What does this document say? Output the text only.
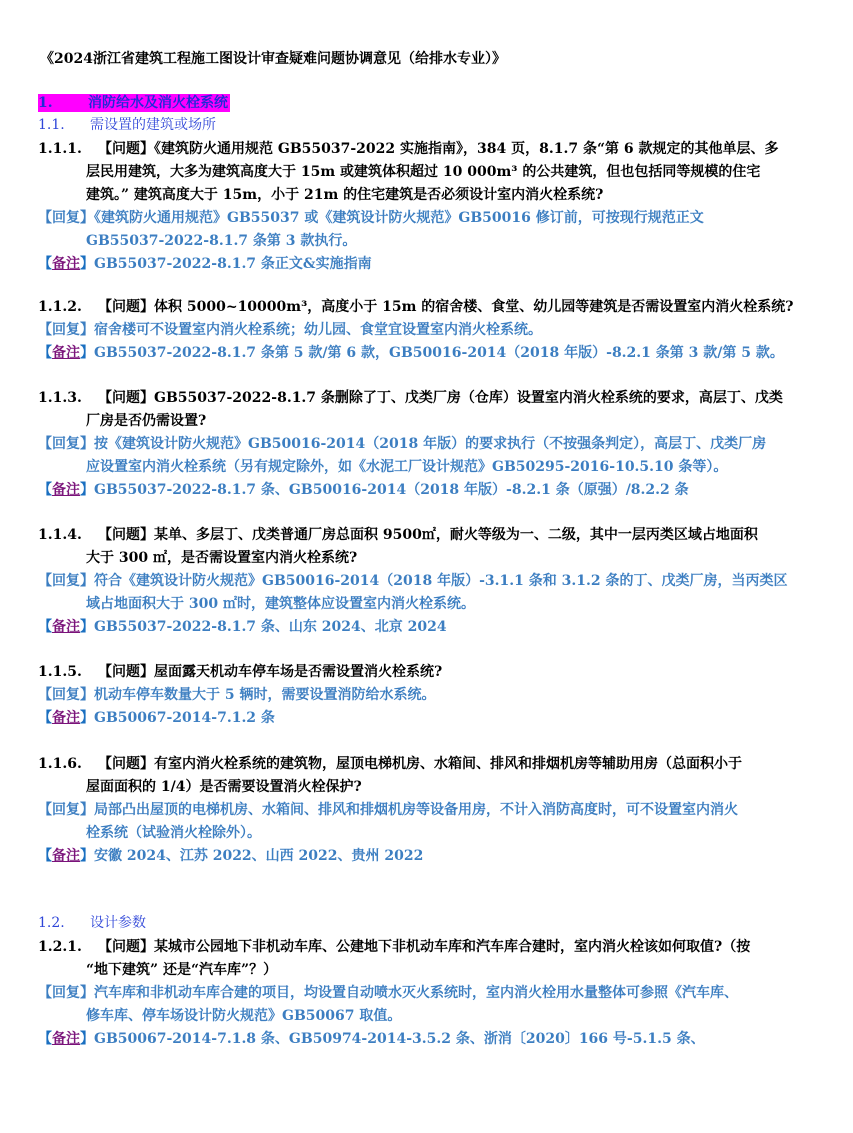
《2024浙江省建筑工程施工图设计审查疑难问题协调意见（给排水专业）》
1.	消防给水及消火栓系统
1.1. 需设置的建筑或场所
1.1.1. 【问题】《建筑防火通用规范 GB55037-2022 实施指南》，384 页，8.1.7 条“第 6 款规定的其他单层、多
层民用建筑，大多为建筑高度大于 15m 或建筑体积超过 10 000m³ 的公共建筑，但也包括同等规模的住宅
建筑。” 建筑高度大于 15m，小于 21m 的住宅建筑是否必须设计室内消火栓系统?
【回复】《建筑防火通用规范》GB55037 或《建筑设计防火规范》GB50016 修订前，可按现行规范正文
GB55037-2022-8.1.7 条第 3 款执行。
【备注】GB55037-2022-8.1.7 条正文&实施指南
1.1.2. 【问题】体积 5000~10000m³，高度小于 15m 的宿舍楼、食堂、幼儿园等建筑是否需设置室内消火栓系统?
【回复】宿舍楼可不设置室内消火栓系统；幼儿园、食堂宜设置室内消火栓系统。
【备注】GB55037-2022-8.1.7 条第 5 款/第 6 款，GB50016-2014（2018 年版）-8.2.1 条第 3 款/第 5 款。
1.1.3. 【问题】GB55037-2022-8.1.7 条删除了丁、戊类厂房（仓库）设置室内消火栓系统的要求，高层丁、戊类
厂房是否仍需设置?
【回复】按《建筑设计防火规范》GB50016-2014（2018 年版）的要求执行（不按强条判定），高层丁、戊类厂房
应设置室内消火栓系统（另有规定除外，如《水泥工厂设计规范》GB50295-2016-10.5.10 条等）。
【备注】GB55037-2022-8.1.7 条、GB50016-2014（2018 年版）-8.2.1 条（原强）/8.2.2 条
1.1.4. 【问题】某单、多层丁、戊类普通厂房总面积 9500㎡，耐火等级为一、二级，其中一层丙类区域占地面积
大于 300 ㎡，是否需设置室内消火栓系统?
【回复】符合《建筑设计防火规范》GB50016-2014（2018 年版）-3.1.1 条和 3.1.2 条的丁、戊类厂房，当丙类区
域占地面积大于 300 ㎡时，建筑整体应设置室内消火栓系统。
【备注】GB55037-2022-8.1.7 条、山东 2024、北京 2024
1.1.5. 【问题】屋面露天机动车停车场是否需设置消火栓系统?
【回复】机动车停车数量大于 5 辆时，需要设置消防给水系统。
【备注】GB50067-2014-7.1.2 条
1.1.6. 【问题】有室内消火栓系统的建筑物，屋顶电梯机房、水箱间、排风和排烟机房等辅助用房（总面积小于
屋面面积的 1/4）是否需要设置消火栓保护?
【回复】局部凸出屋顶的电梯机房、水箱间、排风和排烟机房等设备用房，不计入消防高度时，可不设置室内消火
栓系统（试验消火栓除外）。
【备注】安徽 2024、江苏 2022、山西 2022、贵州 2022
1.2. 设计参数
1.2.1. 【问题】某城市公园地下非机动车库、公建地下非机动车库和汽车库合建时，室内消火栓该如何取值?（按
“地下建筑” 还是“汽车库”？）
【回复】汽车库和非机动车库合建的项目，均设置自动喷水灭火系统时，室内消火栓用水量整体可参照《汽车库、
修车库、停车场设计防火规范》GB50067 取值。
【备注】GB50067-2014-7.1.8 条、GB50974-2014-3.5.2 条、浙消〔2020〕166 号-5.1.5 条、
